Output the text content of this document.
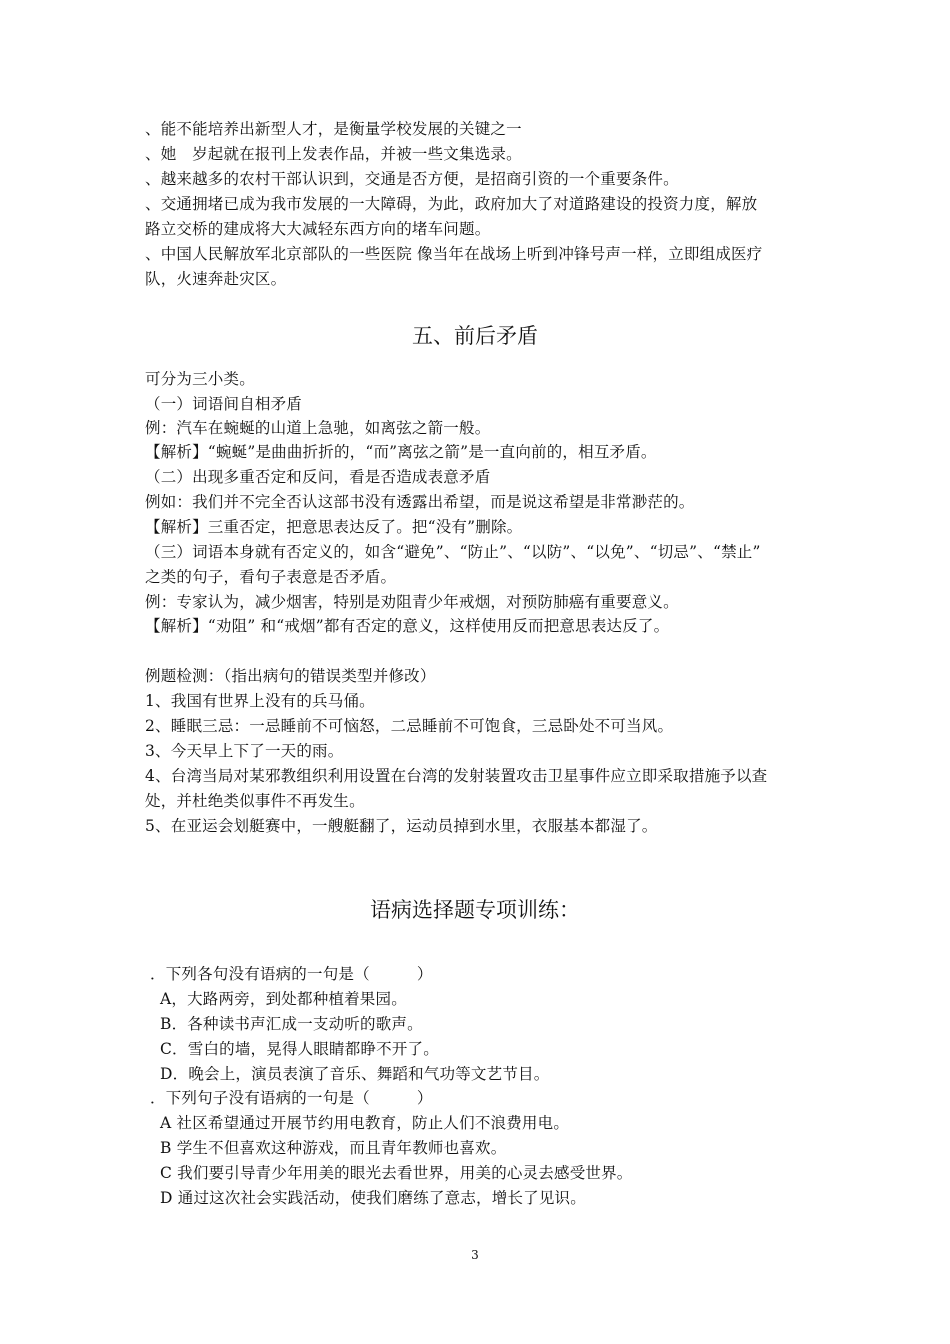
、能不能培养出新型人才，是衡量学校发展的关键之一
、她　岁起就在报刊上发表作品，并被一些文集选录。
、越来越多的农村干部认识到，交通是否方便，是招商引资的一个重要条件。
、交通拥堵已成为我市发展的一大障碍，为此，政府加大了对道路建设的投资力度，解放
路立交桥的建成将大大减轻东西方向的堵车问题。
、中国人民解放军北京部队的一些医院 像当年在战场上听到冲锋号声一样，立即组成医疗
队，火速奔赴灾区。
五、前后矛盾
可分为三小类。
（一）词语间自相矛盾
例：汽车在蜿蜒的山道上急驰，如离弦之箭一般。
【解析】“蜿蜒”是曲曲折折的，“而”离弦之箭”是一直向前的，相互矛盾。
（二）出现多重否定和反问，看是否造成表意矛盾
例如：我们并不完全否认这部书没有透露出希望，而是说这希望是非常渺茫的。
【解析】三重否定，把意思表达反了。把“没有”删除。
（三）词语本身就有否定义的，如含“避免”、“防止”、“以防”、“以免”、“切忌”、“禁止”
之类的句子，看句子表意是否矛盾。
例：专家认为，减少烟害，特别是劝阻青少年戒烟，对预防肺癌有重要意义。
【解析】“劝阻” 和“戒烟”都有否定的意义，这样使用反而把意思表达反了。
例题检测：（指出病句的错误类型并修改）
1、我国有世界上没有的兵马俑。
2、睡眠三忌：一忌睡前不可恼怒，二忌睡前不可饱食，三忌卧处不可当风。
3、今天早上下了一天的雨。
4、台湾当局对某邪教组织利用设置在台湾的发射装置攻击卫星事件应立即采取措施予以查
处，并杜绝类似事件不再发生。
5、在亚运会划艇赛中，一艘艇翻了，运动员掉到水里，衣服基本都湿了。
语病选择题专项训练：
．下列各句没有语病的一句是（　　　）
A，大路两旁，到处都种植着果园。
B．各种读书声汇成一支动听的歌声。
C．雪白的墙，晃得人眼睛都睁不开了。
D．晚会上，演员表演了音乐、舞蹈和气功等文艺节目。
．下列句子没有语病的一句是（　　　）
A 社区希望通过开展节约用电教育，防止人们不浪费用电。
B 学生不但喜欢这种游戏，而且青年教师也喜欢。
C 我们要引导青少年用美的眼光去看世界，用美的心灵去感受世界。
D 通过这次社会实践活动，使我们磨练了意志，增长了见识。
3
